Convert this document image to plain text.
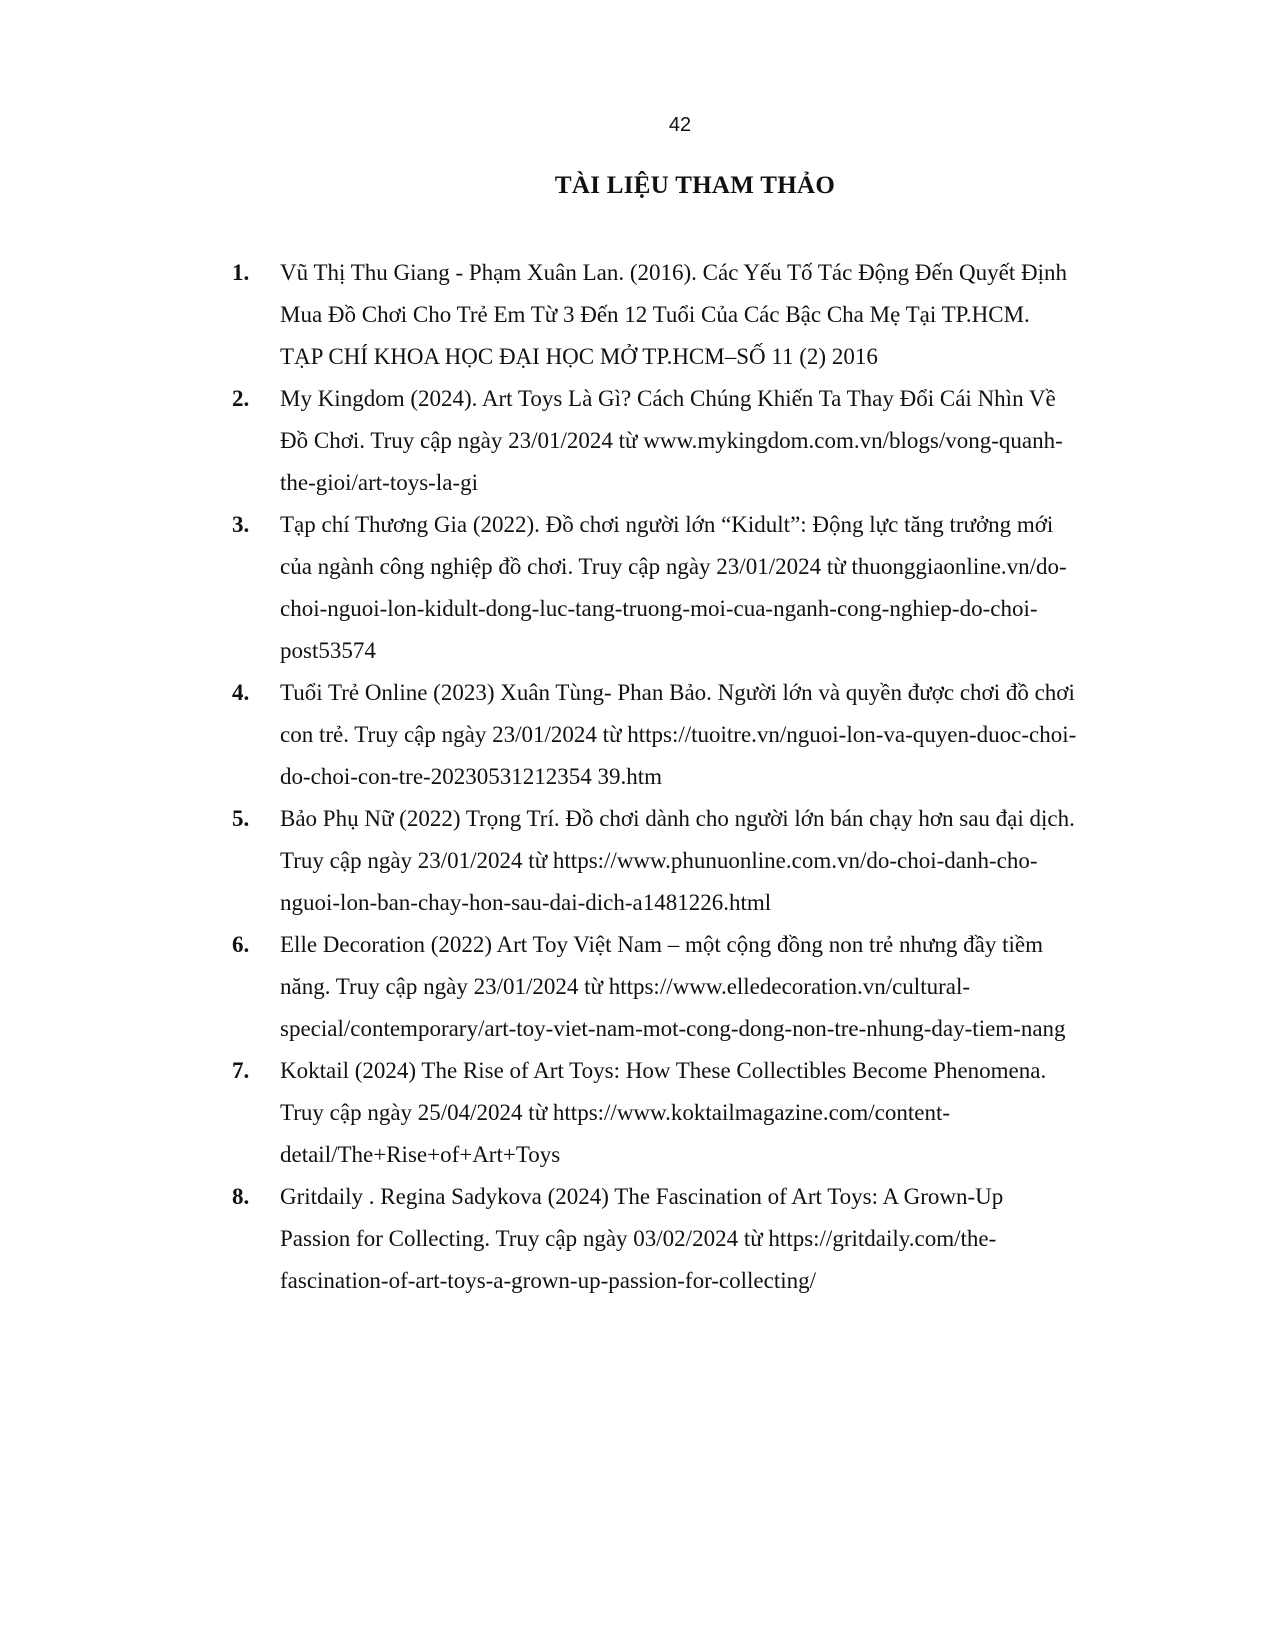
42
TÀI LIỆU THAM THẢO
1. Vũ Thị Thu Giang - Phạm Xuân Lan. (2016). Các Yếu Tố Tác Động Đến Quyết Định
Mua Đồ Chơi Cho Trẻ Em Từ 3 Đến 12 Tuổi Của Các Bậc Cha Mẹ Tại TP.HCM.
TẠP CHÍ KHOA HỌC ĐẠI HỌC MỞ TP.HCM–SỐ 11 (2) 2016
2. My Kingdom (2024). Art Toys Là Gì? Cách Chúng Khiến Ta Thay Đổi Cái Nhìn Về
Đồ Chơi. Truy cập ngày 23/01/2024 từ www.mykingdom.com.vn/blogs/vong-quanh-
the-gioi/art-toys-la-gi
3. Tạp chí Thương Gia (2022). Đồ chơi người lớn “Kidult”: Động lực tăng trưởng mới
của ngành công nghiệp đồ chơi. Truy cập ngày 23/01/2024 từ thuonggiaonline.vn/do-
choi-nguoi-lon-kidult-dong-luc-tang-truong-moi-cua-nganh-cong-nghiep-do-choi-
post53574
4. Tuổi Trẻ Online (2023) Xuân Tùng- Phan Bảo. Người lớn và quyền được chơi đồ chơi
con trẻ. Truy cập ngày 23/01/2024 từ https://tuoitre.vn/nguoi-lon-va-quyen-duoc-choi-
do-choi-con-tre-20230531212354 39.htm
5. Bảo Phụ Nữ (2022) Trọng Trí. Đồ chơi dành cho người lớn bán chạy hơn sau đại dịch.
Truy cập ngày 23/01/2024 từ https://www.phunuonline.com.vn/do-choi-danh-cho-
nguoi-lon-ban-chay-hon-sau-dai-dich-a1481226.html
6. Elle Decoration (2022) Art Toy Việt Nam – một cộng đồng non trẻ nhưng đầy tiềm
năng. Truy cập ngày 23/01/2024 từ https://www.elledecoration.vn/cultural-
special/contemporary/art-toy-viet-nam-mot-cong-dong-non-tre-nhung-day-tiem-nang
7. Koktail (2024) The Rise of Art Toys: How These Collectibles Become Phenomena.
Truy cập ngày 25/04/2024 từ https://www.koktailmagazine.com/content-
detail/The+Rise+of+Art+Toys
8. Gritdaily . Regina Sadykova (2024) The Fascination of Art Toys: A Grown-Up
Passion for Collecting. Truy cập ngày 03/02/2024 từ https://gritdaily.com/the-
fascination-of-art-toys-a-grown-up-passion-for-collecting/
